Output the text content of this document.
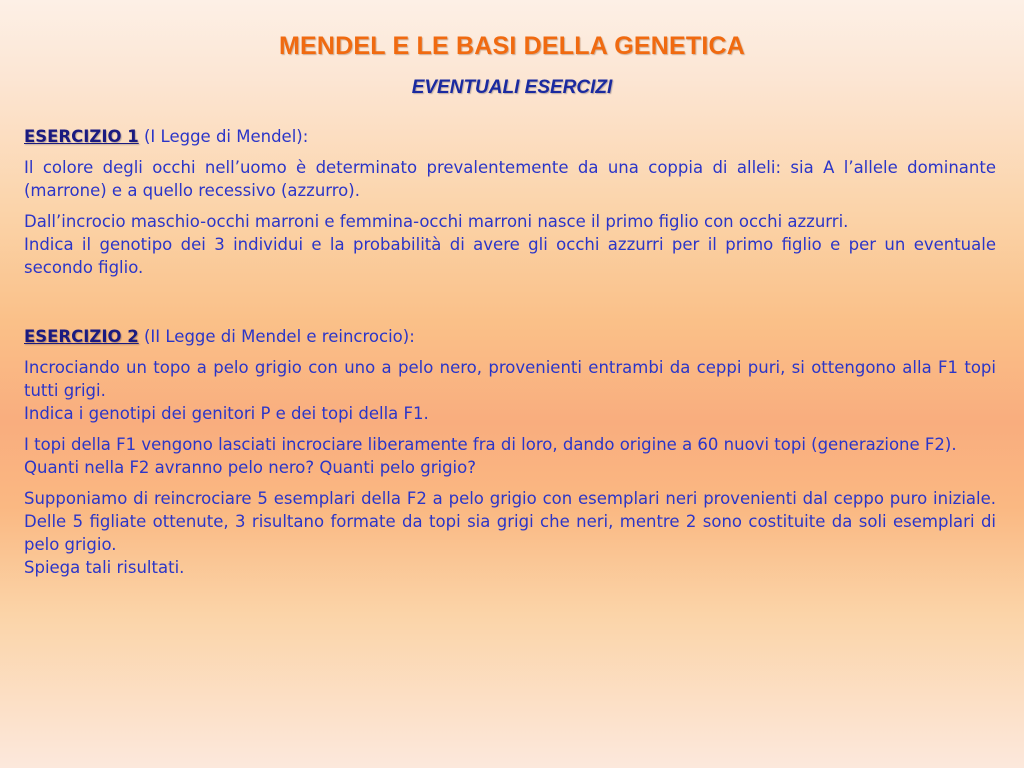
MENDEL E LE BASI DELLA GENETICA
EVENTUALI ESERCIZI

ESERCIZIO 1 (I Legge di Mendel):

Il colore degli occhi nell’uomo è determinato prevalentemente da una coppia di alleli: sia A l’allele dominante (marrone) e a quello recessivo (azzurro).

Dall’incrocio maschio-occhi marroni e femmina-occhi marroni nasce il primo figlio con occhi azzurri.
Indica il genotipo dei 3 individui e la probabilità di avere gli occhi azzurri per il primo figlio e per un eventuale secondo figlio.

ESERCIZIO 2 (II Legge di Mendel e reincrocio):

Incrociando un topo a pelo grigio con uno a pelo nero, provenienti entrambi da ceppi puri, si ottengono alla F1 topi tutti grigi.
Indica i genotipi dei genitori P e dei topi della F1.
I topi della F1 vengono lasciati incrociare liberamente fra di loro, dando origine a 60 nuovi topi (generazione F2).
Quanti nella F2 avranno pelo nero? Quanti pelo grigio?
Supponiamo di reincrociare 5 esemplari della F2 a pelo grigio con esemplari neri provenienti dal ceppo puro iniziale. Delle 5 figliate ottenute, 3 risultano formate da topi sia grigi che neri, mentre 2 sono costituite da soli esemplari di pelo grigio.
Spiega tali risultati.
